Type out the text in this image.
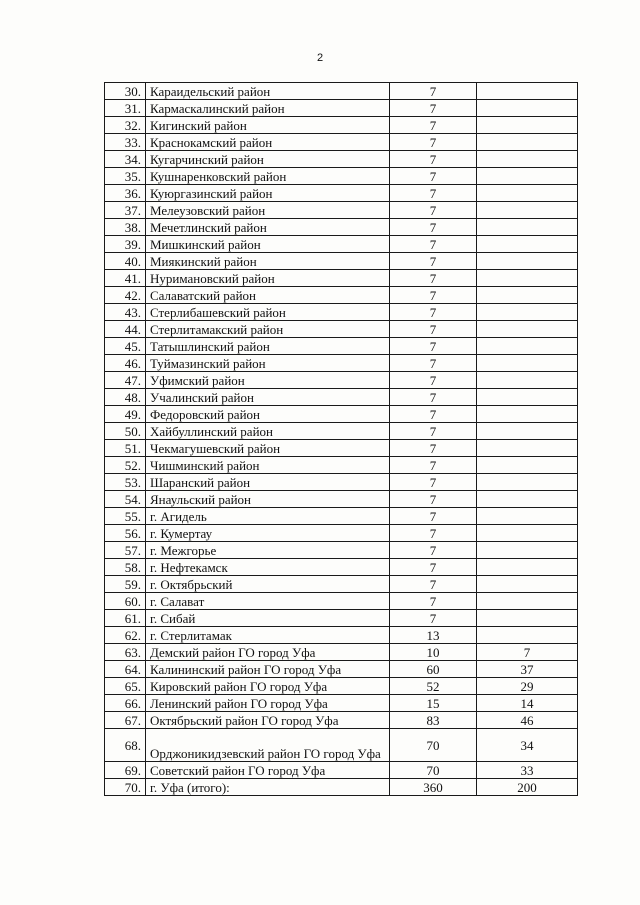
2
30.	Караидельский район	7	
31.	Кармаскалинский район	7	
32.	Кигинский район	7	
33.	Краснокамский район	7	
34.	Кугарчинский район	7	
35.	Кушнаренковский район	7	
36.	Куюргазинский район	7	
37.	Мелеузовский район	7	
38.	Мечетлинский район	7	
39.	Мишкинский район	7	
40.	Миякинский район	7	
41.	Нуримановский район	7	
42.	Салаватский район	7	
43.	Стерлибашевский район	7	
44.	Стерлитамакский район	7	
45.	Татышлинский район	7	
46.	Туймазинский район	7	
47.	Уфимский район	7	
48.	Учалинский район	7	
49.	Федоровский район	7	
50.	Хайбуллинский район	7	
51.	Чекмагушевский район	7	
52.	Чишминский район	7	
53.	Шаранский район	7	
54.	Янаульский район	7	
55.	г. Агидель	7	
56.	г. Кумертау	7	
57.	г. Межгорье	7	
58.	г. Нефтекамск	7	
59.	г. Октябрьский	7	
60.	г. Салават	7	
61.	г. Сибай	7	
62.	г. Стерлитамак	13	
63.	Демский район ГО город Уфа	10	7
64.	Калининский район ГО город Уфа	60	37
65.	Кировский район ГО город Уфа	52	29
66.	Ленинский район ГО город Уфа	15	14
67.	Октябрьский район ГО город Уфа	83	46
68.	Орджоникидзевский район ГО город Уфа	70	34
69.	Советский район ГО город Уфа	70	33
70.	г. Уфа (итого):	360	200
